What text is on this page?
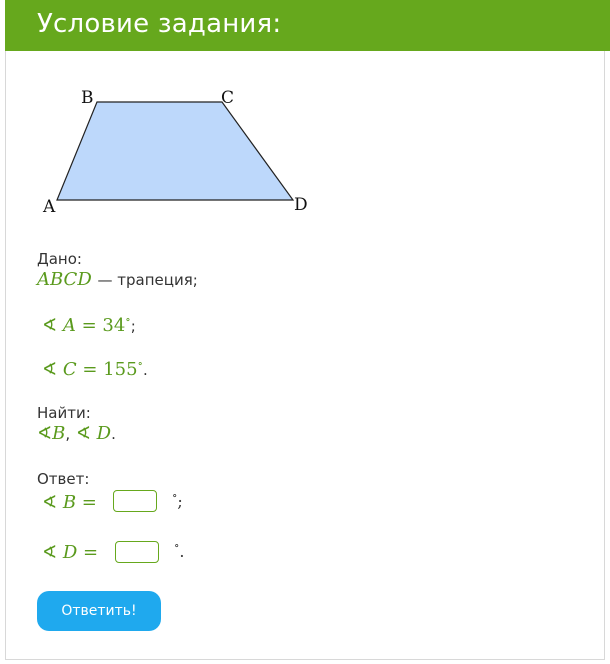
Условие задания:
B	C
A	D
Дано:
ABCD — трапеция;
∢ A = 34∘;
∢ C = 155∘.
Найти:
∢B, ∢ D.
Ответ:
∢ B =	∘;
∢ D =	∘.
Ответить!
